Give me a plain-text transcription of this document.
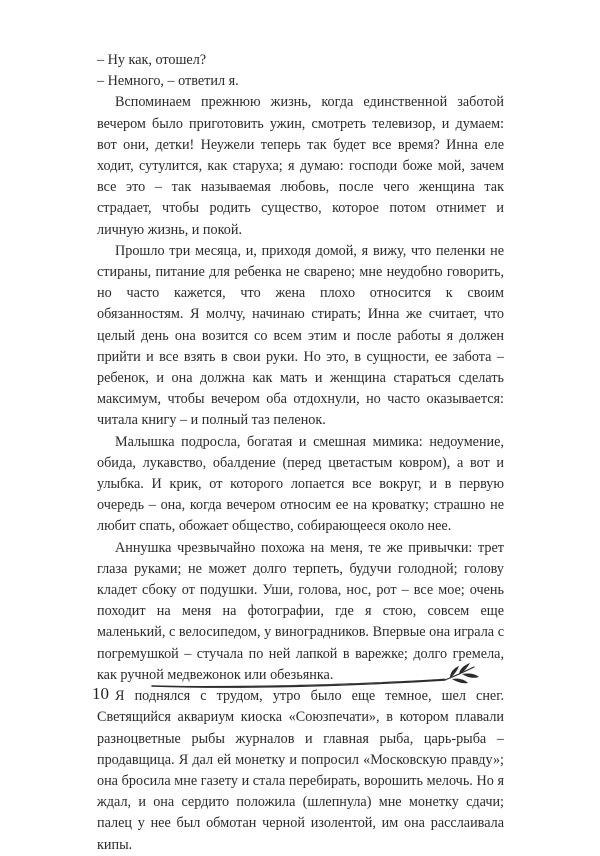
– Ну как, отошел?

– Немного, – ответил я.

Вспоминаем прежнюю жизнь, когда единственной заботой вечером было приготовить ужин, смотреть телевизор, и думаем: вот они, детки! Неужели теперь так будет все время? Инна еле ходит, сутулится, как старуха; я думаю: господи боже мой, зачем все это – так называемая любовь, после чего женщина так страдает, чтобы родить существо, которое потом отнимет и личную жизнь, и покой.

Прошло три месяца, и, приходя домой, я вижу, что пеленки не стираны, питание для ребенка не сварено; мне неудобно говорить, но часто кажется, что жена плохо относится к своим обязанностям. Я молчу, начинаю стирать; Инна же считает, что целый день она возится со всем этим и после работы я должен прийти и все взять в свои руки. Но это, в сущности, ее забота – ребенок, и она должна как мать и женщина стараться сделать максимум, чтобы вечером оба отдохнули, но часто оказывается: читала книгу – и полный таз пеленок.

Малышка подросла, богатая и смешная мимика: недоумение, обида, лукавство, обалдение (перед цветастым ковром), а вот и улыбка. И крик, от которого лопается все вокруг, и в первую очередь – она, когда вечером относим ее на кроватку; страшно не любит спать, обожает общество, собирающееся около нее.

Аннушка чрезвычайно похожа на меня, те же привычки: трет глаза руками; не может долго терпеть, будучи голодной; голову кладет сбоку от подушки. Уши, голова, нос, рот – все мое; очень походит на меня на фотографии, где я стою, совсем еще маленький, с велосипедом, у виноградников. Впервые она играла с погремушкой – стучала по ней лапкой в варежке; долго гремела, как ручной медвежонок или обезьянка.

Я поднялся с трудом, утро было еще темное, шел снег. Светящийся аквариум киоска «Союзпечати», в котором плавали разноцветные рыбы журналов и главная рыба, царь-рыба – продавщица. Я дал ей монетку и попросил «Московскую правду»; она бросила мне газету и стала перебирать, ворошить мелочь. Но я ждал, и она сердито положила (шлепнула) мне монетку сдачи; палец у нее был обмотан черной изолентой, им она расслаивала кипы.

10
